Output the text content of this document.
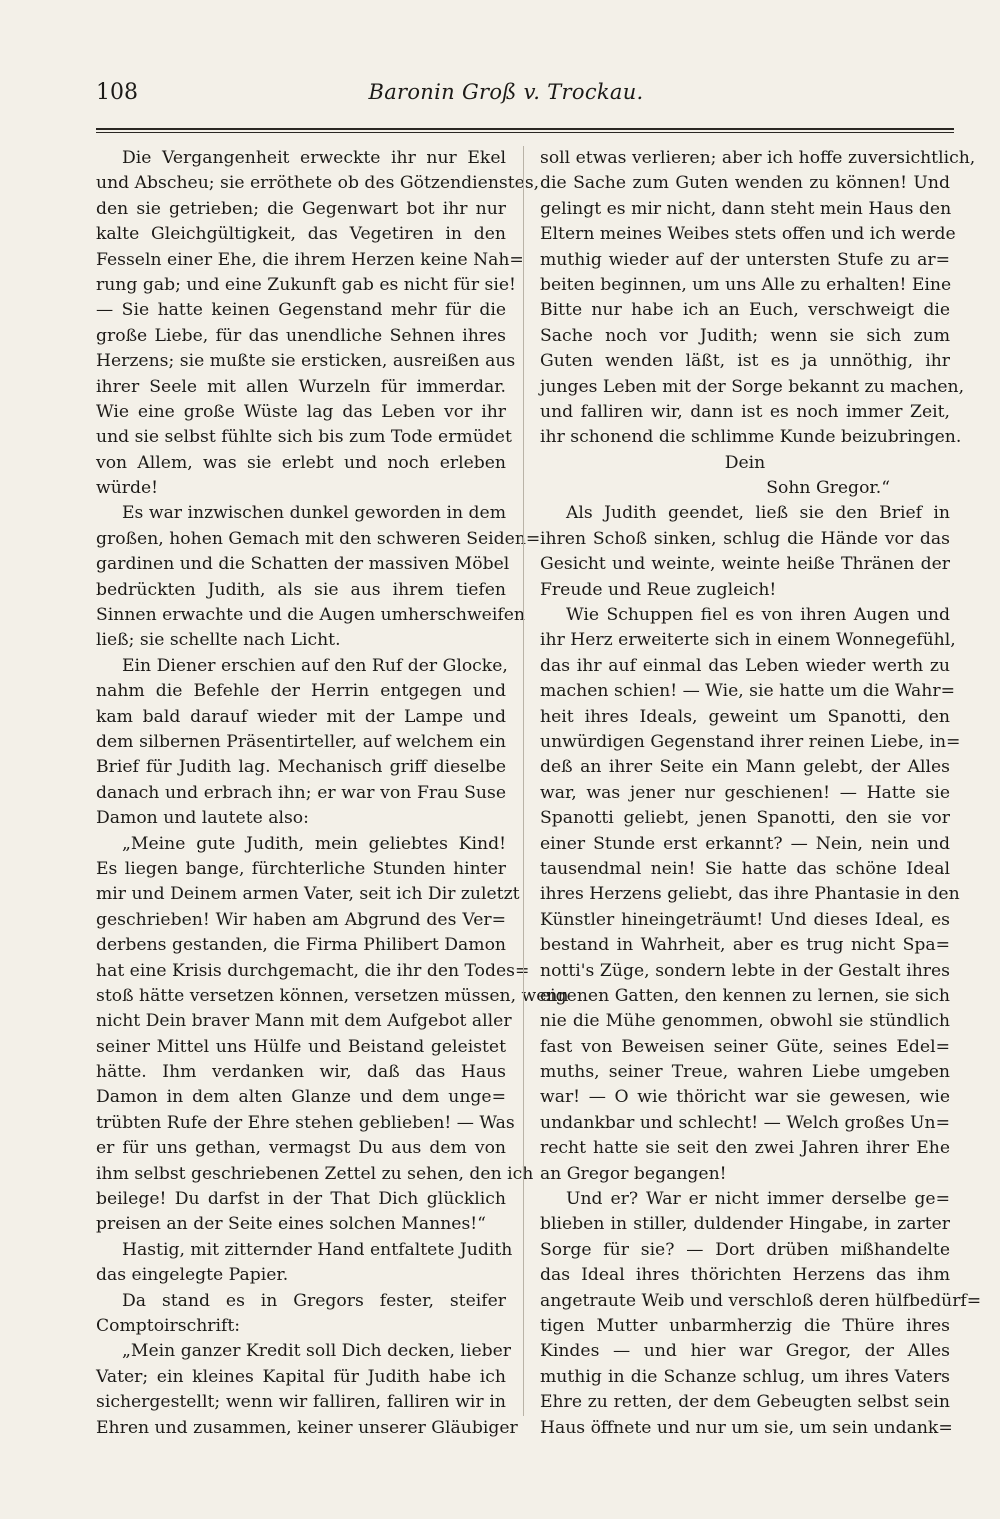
108	Baronin Groß v. Trockau.
Die Vergangenheit erweckte ihr nur Ekel
und Abscheu; sie erröthete ob des Götzendienstes,
den sie getrieben; die Gegenwart bot ihr nur
kalte Gleichgültigkeit, das Vegetiren in den
Fesseln einer Ehe, die ihrem Herzen keine Nah=
rung gab; und eine Zukunft gab es nicht für sie!
— Sie hatte keinen Gegenstand mehr für die
große Liebe, für das unendliche Sehnen ihres
Herzens; sie mußte sie ersticken, ausreißen aus
ihrer Seele mit allen Wurzeln für immerdar.
Wie eine große Wüste lag das Leben vor ihr
und sie selbst fühlte sich bis zum Tode ermüdet
von Allem, was sie erlebt und noch erleben
würde!
Es war inzwischen dunkel geworden in dem
großen, hohen Gemach mit den schweren Seiden=
gardinen und die Schatten der massiven Möbel
bedrückten Judith, als sie aus ihrem tiefen
Sinnen erwachte und die Augen umherschweifen
ließ; sie schellte nach Licht.
Ein Diener erschien auf den Ruf der Glocke,
nahm die Befehle der Herrin entgegen und
kam bald darauf wieder mit der Lampe und
dem silbernen Präsentirteller, auf welchem ein
Brief für Judith lag. Mechanisch griff dieselbe
danach und erbrach ihn; er war von Frau Suse
Damon und lautete also:
„Meine gute Judith, mein geliebtes Kind!
Es liegen bange, fürchterliche Stunden hinter
mir und Deinem armen Vater, seit ich Dir zuletzt
geschrieben! Wir haben am Abgrund des Ver=
derbens gestanden, die Firma Philibert Damon
hat eine Krisis durchgemacht, die ihr den Todes=
stoß hätte versetzen können, versetzen müssen, wenn
nicht Dein braver Mann mit dem Aufgebot aller
seiner Mittel uns Hülfe und Beistand geleistet
hätte. Ihm verdanken wir, daß das Haus
Damon in dem alten Glanze und dem unge=
trübten Rufe der Ehre stehen geblieben! — Was
er für uns gethan, vermagst Du aus dem von
ihm selbst geschriebenen Zettel zu sehen, den ich
beilege! Du darfst in der That Dich glücklich
preisen an der Seite eines solchen Mannes!“
Hastig, mit zitternder Hand entfaltete Judith
das eingelegte Papier.
Da stand es in Gregors fester, steifer
Comptoirschrift:
„Mein ganzer Kredit soll Dich decken, lieber
Vater; ein kleines Kapital für Judith habe ich
sichergestellt; wenn wir falliren, falliren wir in
Ehren und zusammen, keiner unserer Gläubiger
soll etwas verlieren; aber ich hoffe zuversichtlich,
die Sache zum Guten wenden zu können! Und
gelingt es mir nicht, dann steht mein Haus den
Eltern meines Weibes stets offen und ich werde
muthig wieder auf der untersten Stufe zu ar=
beiten beginnen, um uns Alle zu erhalten! Eine
Bitte nur habe ich an Euch, verschweigt die
Sache noch vor Judith; wenn sie sich zum
Guten wenden läßt, ist es ja unnöthig, ihr
junges Leben mit der Sorge bekannt zu machen,
und falliren wir, dann ist es noch immer Zeit,
ihr schonend die schlimme Kunde beizubringen.
Dein
Sohn Gregor.“
Als Judith geendet, ließ sie den Brief in
ihren Schoß sinken, schlug die Hände vor das
Gesicht und weinte, weinte heiße Thränen der
Freude und Reue zugleich!
Wie Schuppen fiel es von ihren Augen und
ihr Herz erweiterte sich in einem Wonnegefühl,
das ihr auf einmal das Leben wieder werth zu
machen schien! — Wie, sie hatte um die Wahr=
heit ihres Ideals, geweint um Spanotti, den
unwürdigen Gegenstand ihrer reinen Liebe, in=
deß an ihrer Seite ein Mann gelebt, der Alles
war, was jener nur geschienen! — Hatte sie
Spanotti geliebt, jenen Spanotti, den sie vor
einer Stunde erst erkannt? — Nein, nein und
tausendmal nein! Sie hatte das schöne Ideal
ihres Herzens geliebt, das ihre Phantasie in den
Künstler hineingeträumt! Und dieses Ideal, es
bestand in Wahrheit, aber es trug nicht Spa=
notti's Züge, sondern lebte in der Gestalt ihres
eigenen Gatten, den kennen zu lernen, sie sich
nie die Mühe genommen, obwohl sie stündlich
fast von Beweisen seiner Güte, seines Edel=
muths, seiner Treue, wahren Liebe umgeben
war! — O wie thöricht war sie gewesen, wie
undankbar und schlecht! — Welch großes Un=
recht hatte sie seit den zwei Jahren ihrer Ehe
an Gregor begangen!
Und er? War er nicht immer derselbe ge=
blieben in stiller, duldender Hingabe, in zarter
Sorge für sie? — Dort drüben mißhandelte
das Ideal ihres thörichten Herzens das ihm
angetraute Weib und verschloß deren hülfbedürf=
tigen Mutter unbarmherzig die Thüre ihres
Kindes — und hier war Gregor, der Alles
muthig in die Schanze schlug, um ihres Vaters
Ehre zu retten, der dem Gebeugten selbst sein
Haus öffnete und nur um sie, um sein undank=
